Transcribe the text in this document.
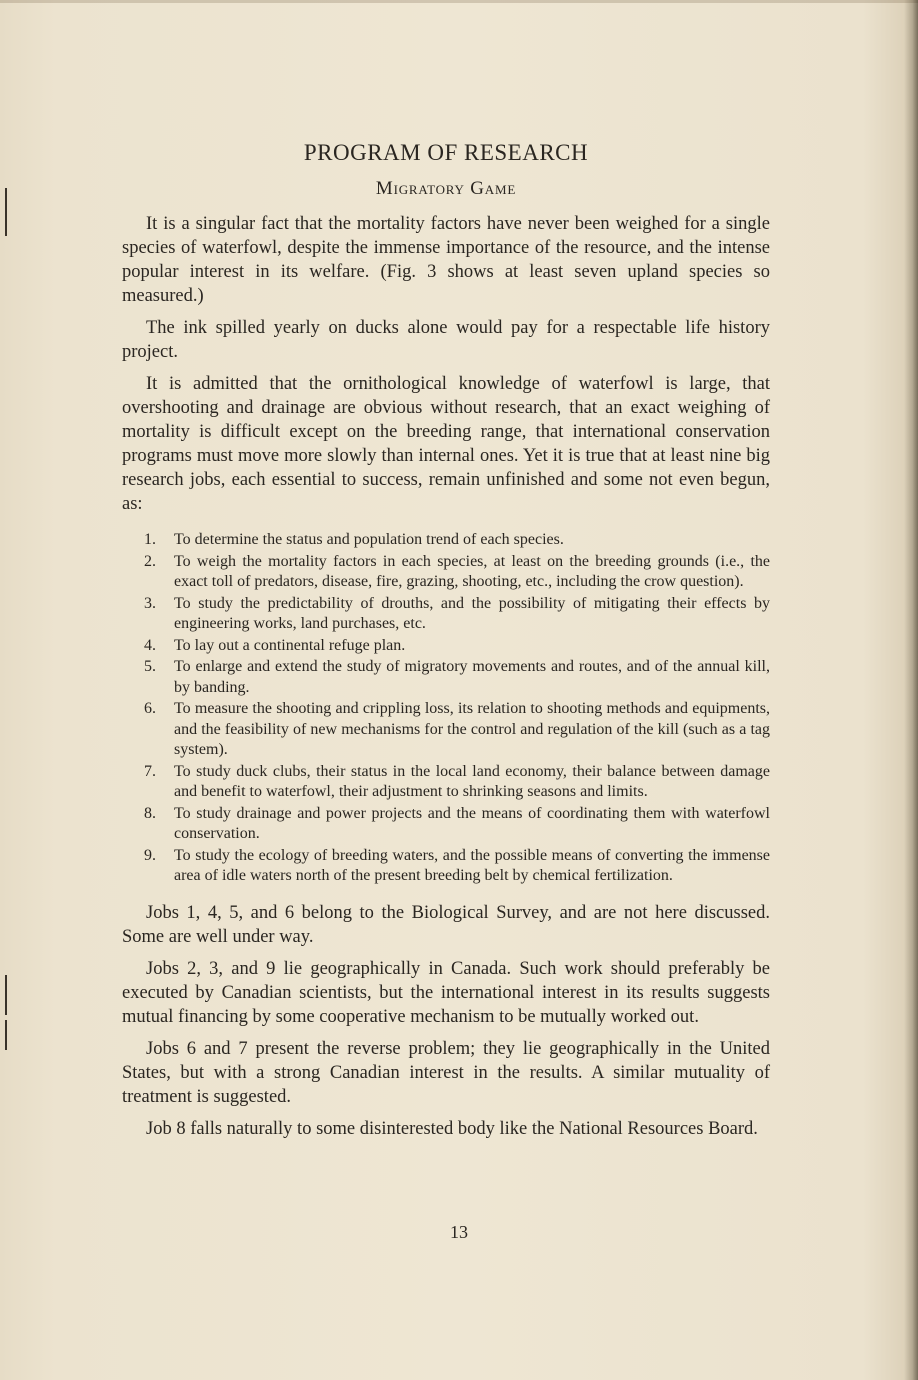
PROGRAM OF RESEARCH
Migratory Game

It is a singular fact that the mortality factors have never been weighed for a single species of waterfowl, despite the immense importance of the resource, and the intense popular interest in its welfare. (Fig. 3 shows at least seven upland species so measured.)

The ink spilled yearly on ducks alone would pay for a respectable life history project.

It is admitted that the ornithological knowledge of waterfowl is large, that overshooting and drainage are obvious without research, that an exact weighing of mortality is difficult except on the breeding range, that international conservation programs must move more slowly than internal ones. Yet it is true that at least nine big research jobs, each essential to success, remain unfinished and some not even begun, as:

1. To determine the status and population trend of each species.
2. To weigh the mortality factors in each species, at least on the breeding grounds (i.e., the exact toll of predators, disease, fire, grazing, shooting, etc., including the crow question).
3. To study the predictability of drouths, and the possibility of mitigating their effects by engineering works, land purchases, etc.
4. To lay out a continental refuge plan.
5. To enlarge and extend the study of migratory movements and routes, and of the annual kill, by banding.
6. To measure the shooting and crippling loss, its relation to shooting methods and equipments, and the feasibility of new mechanisms for the control and regulation of the kill (such as a tag system).
7. To study duck clubs, their status in the local land economy, their balance between damage and benefit to waterfowl, their adjustment to shrinking seasons and limits.
8. To study drainage and power projects and the means of coordinating them with waterfowl conservation.
9. To study the ecology of breeding waters, and the possible means of converting the immense area of idle waters north of the present breeding belt by chemical fertilization.

Jobs 1, 4, 5, and 6 belong to the Biological Survey, and are not here discussed. Some are well under way.

Jobs 2, 3, and 9 lie geographically in Canada. Such work should preferably be executed by Canadian scientists, but the international interest in its results suggests mutual financing by some cooperative mechanism to be mutually worked out.

Jobs 6 and 7 present the reverse problem; they lie geographically in the United States, but with a strong Canadian interest in the results. A similar mutuality of treatment is suggested.

Job 8 falls naturally to some disinterested body like the National Resources Board.

13
